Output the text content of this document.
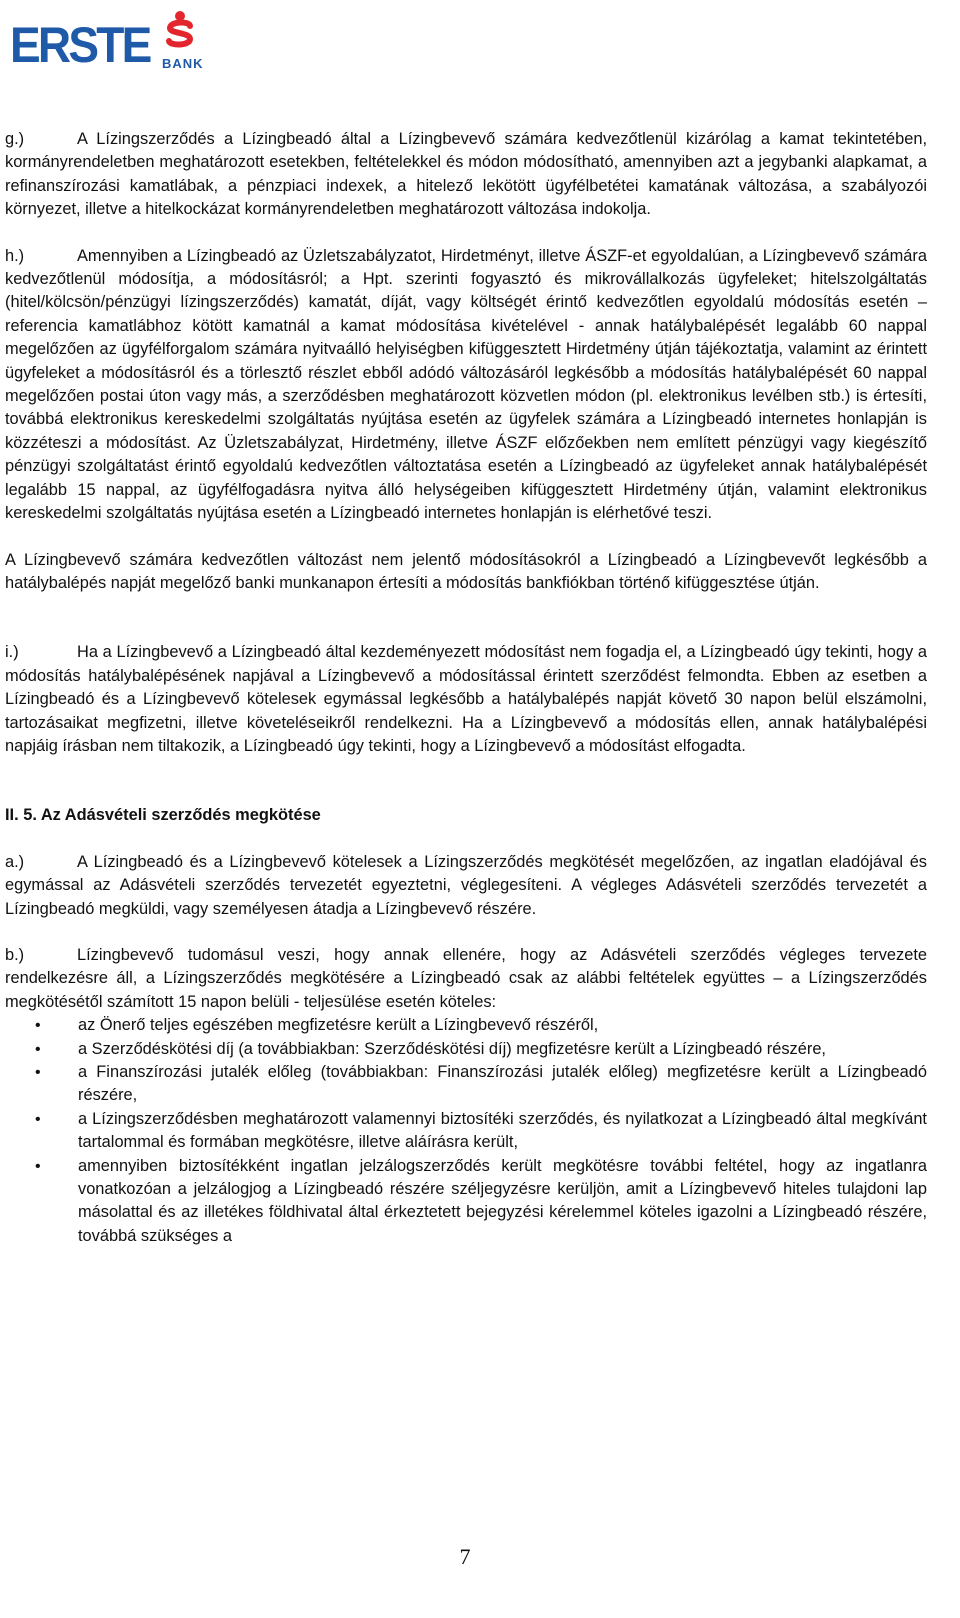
ERSTE BANK

g.)	A Lízingszerződés a Lízingbeadó által a Lízingbevevő számára kedvezőtlenül kizárólag a kamat tekintetében, kormányrendeletben meghatározott esetekben, feltételekkel és módon módosítható, amennyiben azt a jegybanki alapkamat, a refinanszírozási kamatlábak, a pénzpiaci indexek, a hitelező lekötött ügyfélbetétei kamatának változása, a szabályozói környezet, illetve a hitelkockázat kormányrendeletben meghatározott változása indokolja.

h.)	Amennyiben a Lízingbeadó az Üzletszabályzatot, Hirdetményt, illetve ÁSZF-et egyoldalúan, a Lízingbevevő számára kedvezőtlenül módosítja, a módosításról; a Hpt. szerinti fogyasztó és mikrovállalkozás ügyfeleket; hitelszolgáltatás (hitel/kölcsön/pénzügyi lízingszerződés) kamatát, díját, vagy költségét érintő kedvezőtlen egyoldalú módosítás esetén – referencia kamatlábhoz kötött kamatnál a kamat módosítása kivételével - annak hatálybalépését legalább 60 nappal megelőzően az ügyfélforgalom számára nyitvaálló helyiségben kifüggesztett Hirdetmény útján tájékoztatja, valamint az érintett ügyfeleket a módosításról és a törlesztő részlet ebből adódó változásáról legkésőbb a módosítás hatálybalépését 60 nappal megelőzően postai úton vagy más, a szerződésben meghatározott közvetlen módon (pl. elektronikus levélben stb.) is értesíti, továbbá elektronikus kereskedelmi szolgáltatás nyújtása esetén az ügyfelek számára a Lízingbeadó internetes honlapján is közzéteszi a módosítást. Az Üzletszabályzat, Hirdetmény, illetve ÁSZF előzőekben nem említett pénzügyi vagy kiegészítő pénzügyi szolgáltatást érintő egyoldalú kedvezőtlen változtatása esetén a Lízingbeadó az ügyfeleket annak hatálybalépését legalább 15 nappal, az ügyfélfogadásra nyitva álló helységeiben kifüggesztett Hirdetmény útján, valamint elektronikus kereskedelmi szolgáltatás nyújtása esetén a Lízingbeadó internetes honlapján is elérhetővé teszi.

A Lízingbevevő számára kedvezőtlen változást nem jelentő módosításokról a Lízingbeadó a Lízingbevevőt legkésőbb a hatálybalépés napját megelőző banki munkanapon értesíti a módosítás bankfiókban történő kifüggesztése útján.

i.)	Ha a Lízingbevevő a Lízingbeadó által kezdeményezett módosítást nem fogadja el, a Lízingbeadó úgy tekinti, hogy a módosítás hatálybalépésének napjával a Lízingbevevő a módosítással érintett szerződést felmondta. Ebben az esetben a Lízingbeadó és a Lízingbevevő kötelesek egymással legkésőbb a hatálybalépés napját követő 30 napon belül elszámolni, tartozásaikat megfizetni, illetve követeléseikről rendelkezni. Ha a Lízingbevevő a módosítás ellen, annak hatálybalépési napjáig írásban nem tiltakozik, a Lízingbeadó úgy tekinti, hogy a Lízingbevevő a módosítást elfogadta.

II. 5. Az Adásvételi szerződés megkötése

a.)	A Lízingbeadó és a Lízingbevevő kötelesek a Lízingszerződés megkötését megelőzően, az ingatlan eladójával és egymással az Adásvételi szerződés tervezetét egyeztetni, véglegesíteni. A végleges Adásvételi szerződés tervezetét a Lízingbeadó megküldi, vagy személyesen átadja a Lízingbevevő részére.

b.)	Lízingbevevő tudomásul veszi, hogy annak ellenére, hogy az Adásvételi szerződés végleges tervezete rendelkezésre áll, a Lízingszerződés megkötésére a Lízingbeadó csak az alábbi feltételek együttes – a Lízingszerződés megkötésétől számított 15 napon belüli - teljesülése esetén köteles:

• az Önerő teljes egészében megfizetésre került a Lízingbevevő részéről,
• a Szerződéskötési díj (a továbbiakban: Szerződéskötési díj) megfizetésre került a Lízingbeadó részére,
• a Finanszírozási jutalék előleg (továbbiakban: Finanszírozási jutalék előleg) megfizetésre került a Lízingbeadó részére,
• a Lízingszerződésben meghatározott valamennyi biztosítéki szerződés, és nyilatkozat a Lízingbeadó által megkívánt tartalommal és formában megkötésre, illetve aláírásra került,
• amennyiben biztosítékként ingatlan jelzálogszerződés került megkötésre további feltétel, hogy az ingatlanra vonatkozóan a jelzálogjog a Lízingbeadó részére széljegyzésre kerüljön, amit a Lízingbevevő hiteles tulajdoni lap másolattal és az illetékes földhivatal által érkeztetett bejegyzési kérelemmel köteles igazolni a Lízingbeadó részére, továbbá szükséges a
7
